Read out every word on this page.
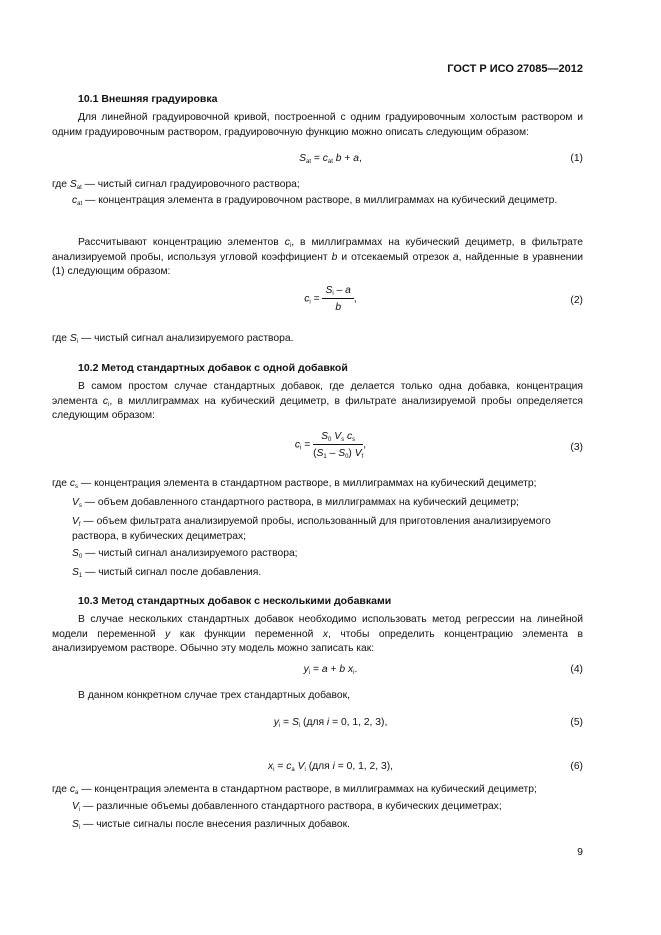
ГОСТ Р ИСО 27085—2012
10.1 Внешняя градуировка
Для линейной градуировочной кривой, построенной с одним градуировочным холостым раствором и одним градуировочным раствором, градуировочную функцию можно описать следующим образом:
$S_{at} = c_{at}$ b + a,	(1)
где $S_{at}$ — чистый сигнал градуировочного раствора;
$c_{at}$ — концентрация элемента в градуировочном растворе, в миллиграммах на кубический дециметр.
Рассчитывают концентрацию элементов $c_i$, в миллиграммах на кубический дециметр, в фильтрате анализируемой пробы, используя угловой коэффициент b и отсекаемый отрезок a, найденные в уравнении (1) следующим образом:
$c_i = \frac{S_i - a}{b}$ ,	(2)
где $S_i$ — чистый сигнал анализируемого раствора.
10.2 Метод стандартных добавок с одной добавкой
В самом простом случае стандартных добавок, где делается только одна добавка, концентрация элемента $c_i$, в миллиграммах на кубический дециметр, в фильтрате анализируемой пробы определяется следующим образом:
$c_i = \frac{S_0 V_s c_s}{(S_1 - S_0) V_f}$ ,	(3)
где $c_s$ — концентрация элемента в стандартном растворе, в миллиграммах на кубический дециметр;
$V_s$ — объем добавленного стандартного раствора, в миллиграммах на кубический дециметр;
$V_f$ — объем фильтрата анализируемой пробы, использованный для приготовления анализируемого раствора, в кубических дециметрах;
$S_0$ — чистый сигнал анализируемого раствора;
$S_1$ — чистый сигнал после добавления.
10.3 Метод стандартных добавок с несколькими добавками
В случае нескольких стандартных добавок необходимо использовать метод регрессии на линейной модели переменной y как функции переменной x, чтобы определить концентрацию элемента в анализируемом растворе. Обычно эту модель можно записать как:
$y_i = a + b$ $x_i$.	(4)
В данном конкретном случае трех стандартных добавок,
$y_i = S_i$ (для i = 0, 1, 2, 3),	(5)
$x_i = c_a$ $V_i$ (для i = 0, 1, 2, 3),	(6)
где $c_a$ — концентрация элемента в стандартном растворе, в миллиграммах на кубический дециметр;
$V_i$ — различные объемы добавленного стандартного раствора, в кубических дециметрах;
$S_i$ — чистые сигналы после внесения различных добавок.
9
